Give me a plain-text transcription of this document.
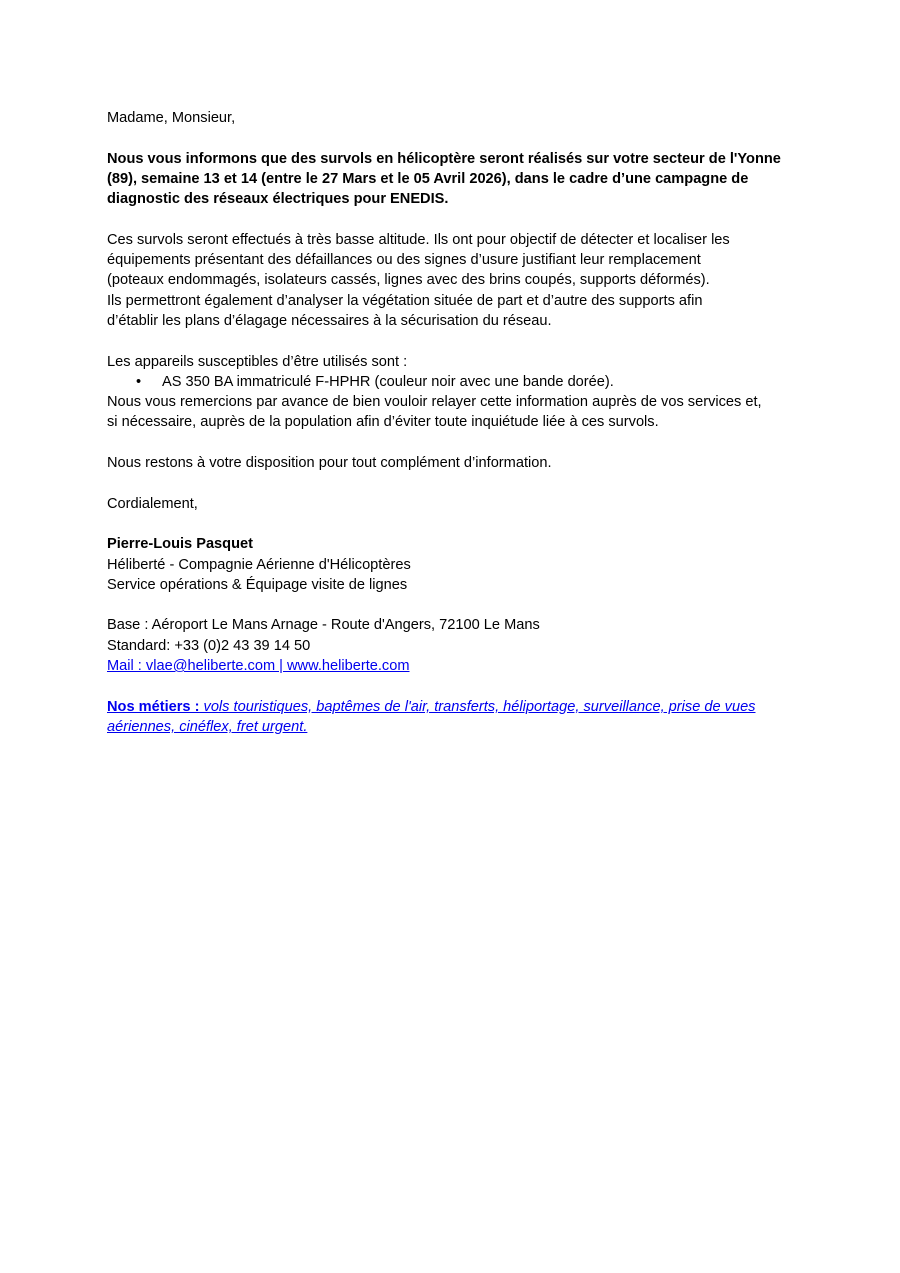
Madame, Monsieur,

Nous vous informons que des survols en hélicoptère seront réalisés sur votre secteur de l'Yonne
(89), semaine 13 et 14 (entre le 27 Mars et le 05 Avril 2026), dans le cadre d’une campagne de
diagnostic des réseaux électriques pour ENEDIS.

Ces survols seront effectués à très basse altitude. Ils ont pour objectif de détecter et localiser les
équipements présentant des défaillances ou des signes d’usure justifiant leur remplacement
(poteaux endommagés, isolateurs cassés, lignes avec des brins coupés, supports déformés).
Ils permettront également d’analyser la végétation située de part et d’autre des supports afin
d’établir les plans d’élagage nécessaires à la sécurisation du réseau.

Les appareils susceptibles d’être utilisés sont :
• AS 350 BA immatriculé F-HPHR (couleur noir avec une bande dorée).
Nous vous remercions par avance de bien vouloir relayer cette information auprès de vos services et,
si nécessaire, auprès de la population afin d’éviter toute inquiétude liée à ces survols.

Nous restons à votre disposition pour tout complément d’information.

Cordialement,

Pierre-Louis Pasquet
Héliberté - Compagnie Aérienne d'Hélicoptères
Service opérations & Équipage visite de lignes

Base : Aéroport Le Mans Arnage - Route d'Angers, 72100 Le Mans
Standard: +33 (0)2 43 39 14 50
Mail : vlae@heliberte.com | www.heliberte.com

Nos métiers : vols touristiques, baptêmes de l'air, transferts, héliportage, surveillance, prise de vues
aériennes, cinéflex, fret urgent.
